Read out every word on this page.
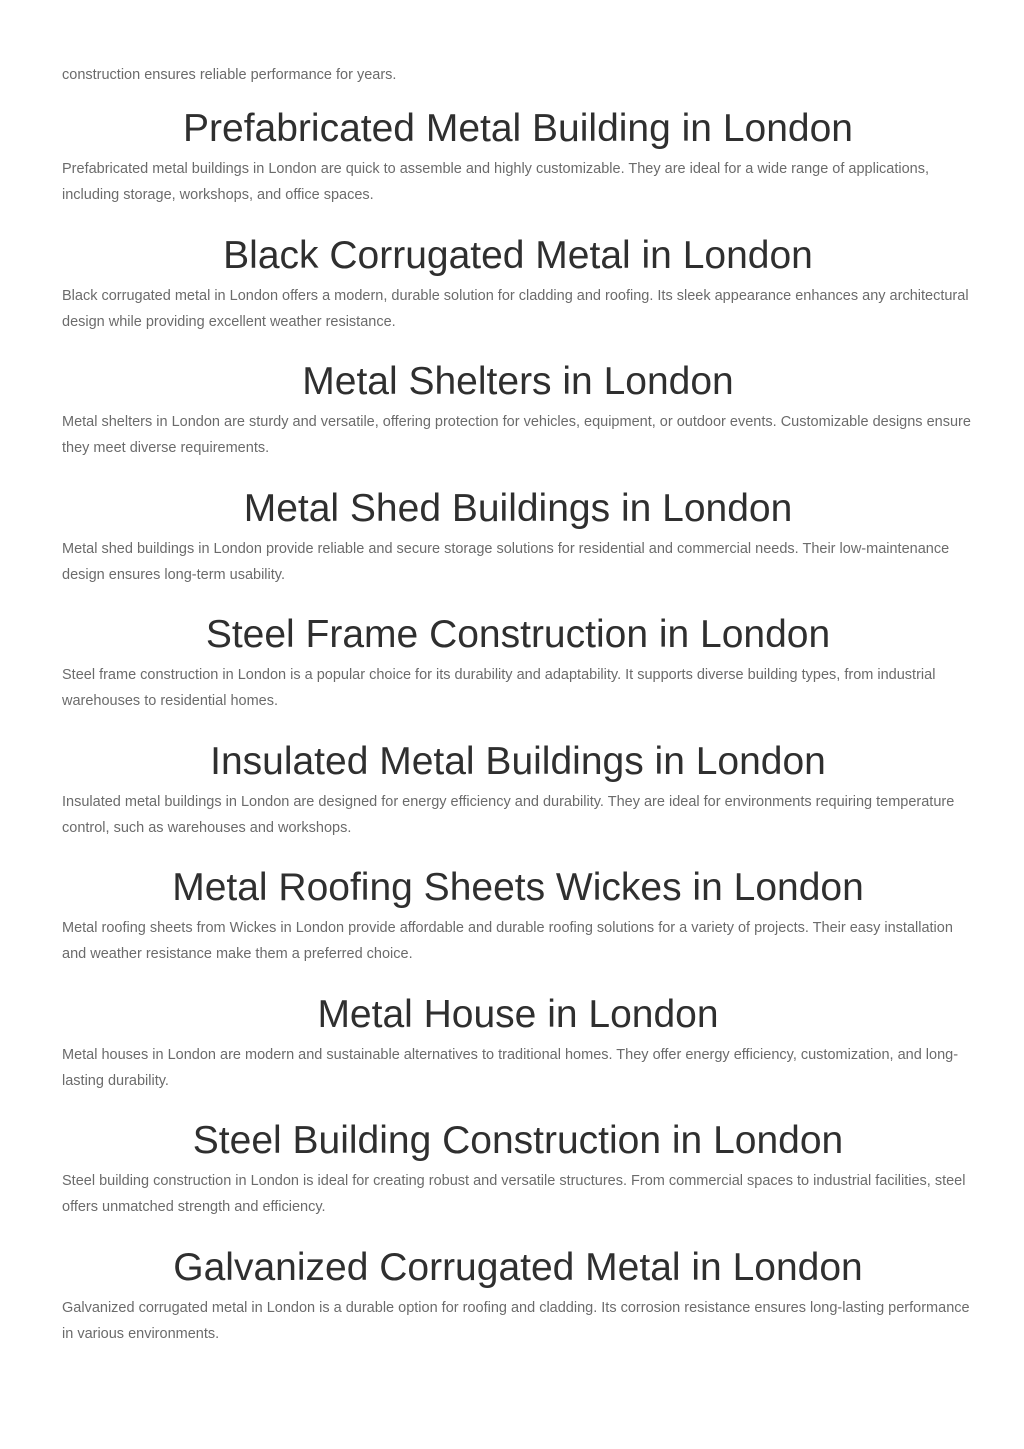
construction ensures reliable performance for years.

Prefabricated Metal Building in London

Prefabricated metal buildings in London are quick to assemble and highly customizable. They are ideal for a wide range of applications, including storage, workshops, and office spaces.

Black Corrugated Metal in London

Black corrugated metal in London offers a modern, durable solution for cladding and roofing. Its sleek appearance enhances any architectural design while providing excellent weather resistance.

Metal Shelters in London

Metal shelters in London are sturdy and versatile, offering protection for vehicles, equipment, or outdoor events. Customizable designs ensure they meet diverse requirements.

Metal Shed Buildings in London

Metal shed buildings in London provide reliable and secure storage solutions for residential and commercial needs. Their low-maintenance design ensures long-term usability.

Steel Frame Construction in London

Steel frame construction in London is a popular choice for its durability and adaptability. It supports diverse building types, from industrial warehouses to residential homes.

Insulated Metal Buildings in London

Insulated metal buildings in London are designed for energy efficiency and durability. They are ideal for environments requiring temperature control, such as warehouses and workshops.

Metal Roofing Sheets Wickes in London

Metal roofing sheets from Wickes in London provide affordable and durable roofing solutions for a variety of projects. Their easy installation and weather resistance make them a preferred choice.

Metal House in London

Metal houses in London are modern and sustainable alternatives to traditional homes. They offer energy efficiency, customization, and long-lasting durability.

Steel Building Construction in London

Steel building construction in London is ideal for creating robust and versatile structures. From commercial spaces to industrial facilities, steel offers unmatched strength and efficiency.

Galvanized Corrugated Metal in London

Galvanized corrugated metal in London is a durable option for roofing and cladding. Its corrosion resistance ensures long-lasting performance in various environments.
